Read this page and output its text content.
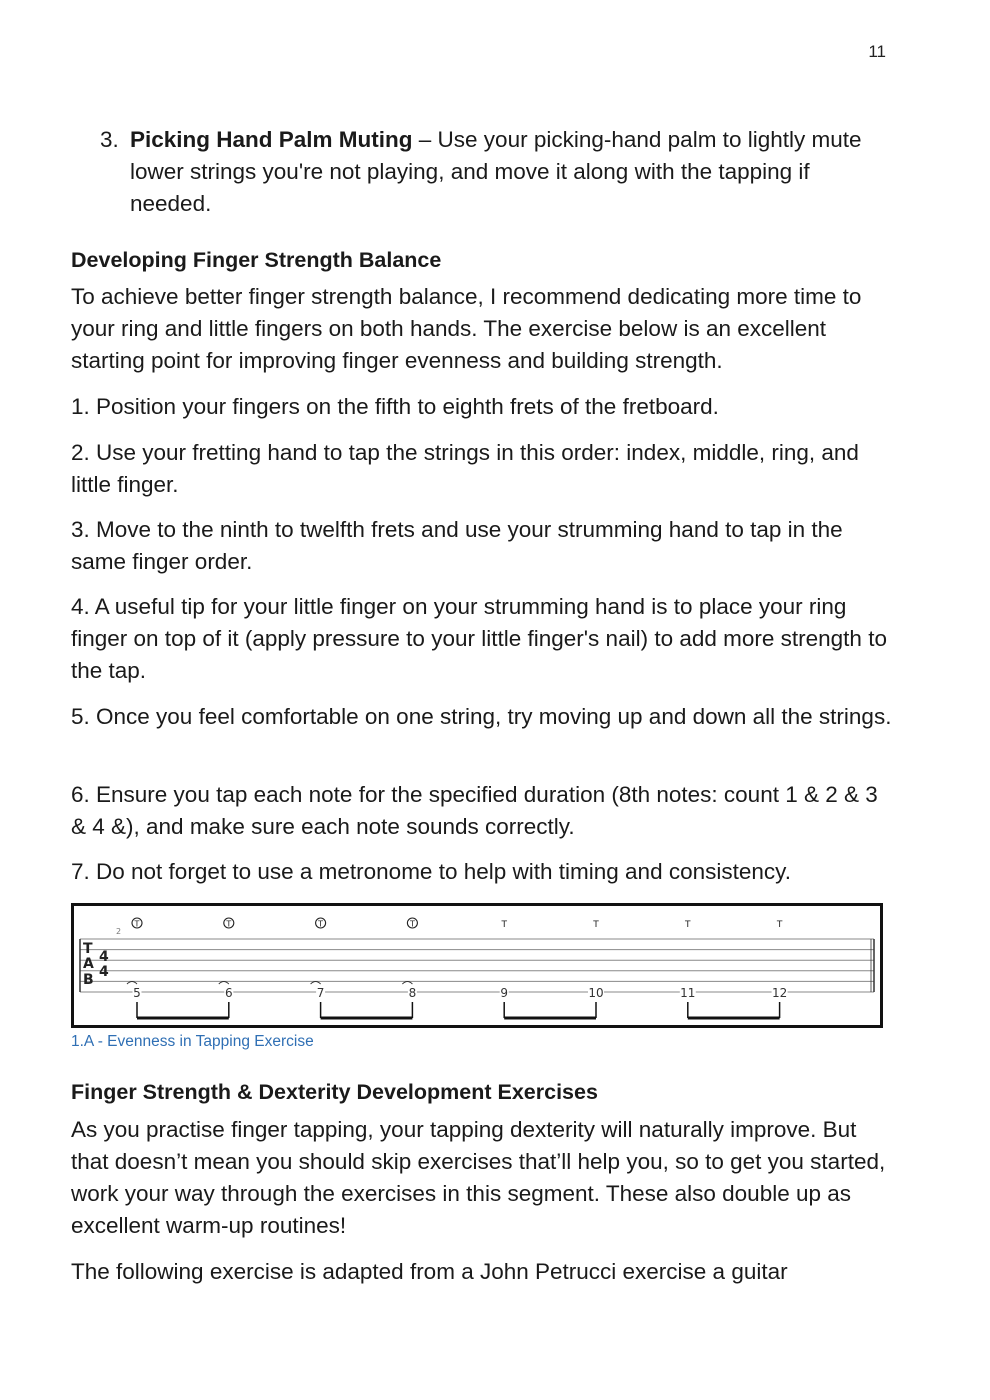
11
3. Picking Hand Palm Muting – Use your picking-hand palm to lightly mute lower strings you're not playing, and move it along with the tapping if needed.

Developing Finger Strength Balance

To achieve better finger strength balance, I recommend dedicating more time to your ring and little fingers on both hands. The exercise below is an excellent starting point for improving finger evenness and building strength.

1. Position your fingers on the fifth to eighth frets of the fretboard.

2. Use your fretting hand to tap the strings in this order: index, middle, ring, and little finger.

3. Move to the ninth to twelfth frets and use your strumming hand to tap in the same finger order.

4. A useful tip for your little finger on your strumming hand is to place your ring finger on top of it (apply pressure to your little finger's nail) to add more strength to the tap.

5. Once you feel comfortable on one string, try moving up and down all the strings.

6. Ensure you tap each note for the specified duration (8th notes: count 1 & 2 & 3 & 4 &), and make sure each note sounds correctly.

7. Do not forget to use a metronome to help with timing and consistency.

T
A
B
4
4
2
T
5
T
6
T
7
T
8
T
9
T
10
T
11
T
12
1.A - Evenness in Tapping Exercise

Finger Strength & Dexterity Development Exercises

As you practise finger tapping, your tapping dexterity will naturally improve. But that doesn’t mean you should skip exercises that’ll help you, so to get you started, work your way through the exercises in this segment. These also double up as excellent warm-up routines!

The following exercise is adapted from a John Petrucci exercise a guitar
